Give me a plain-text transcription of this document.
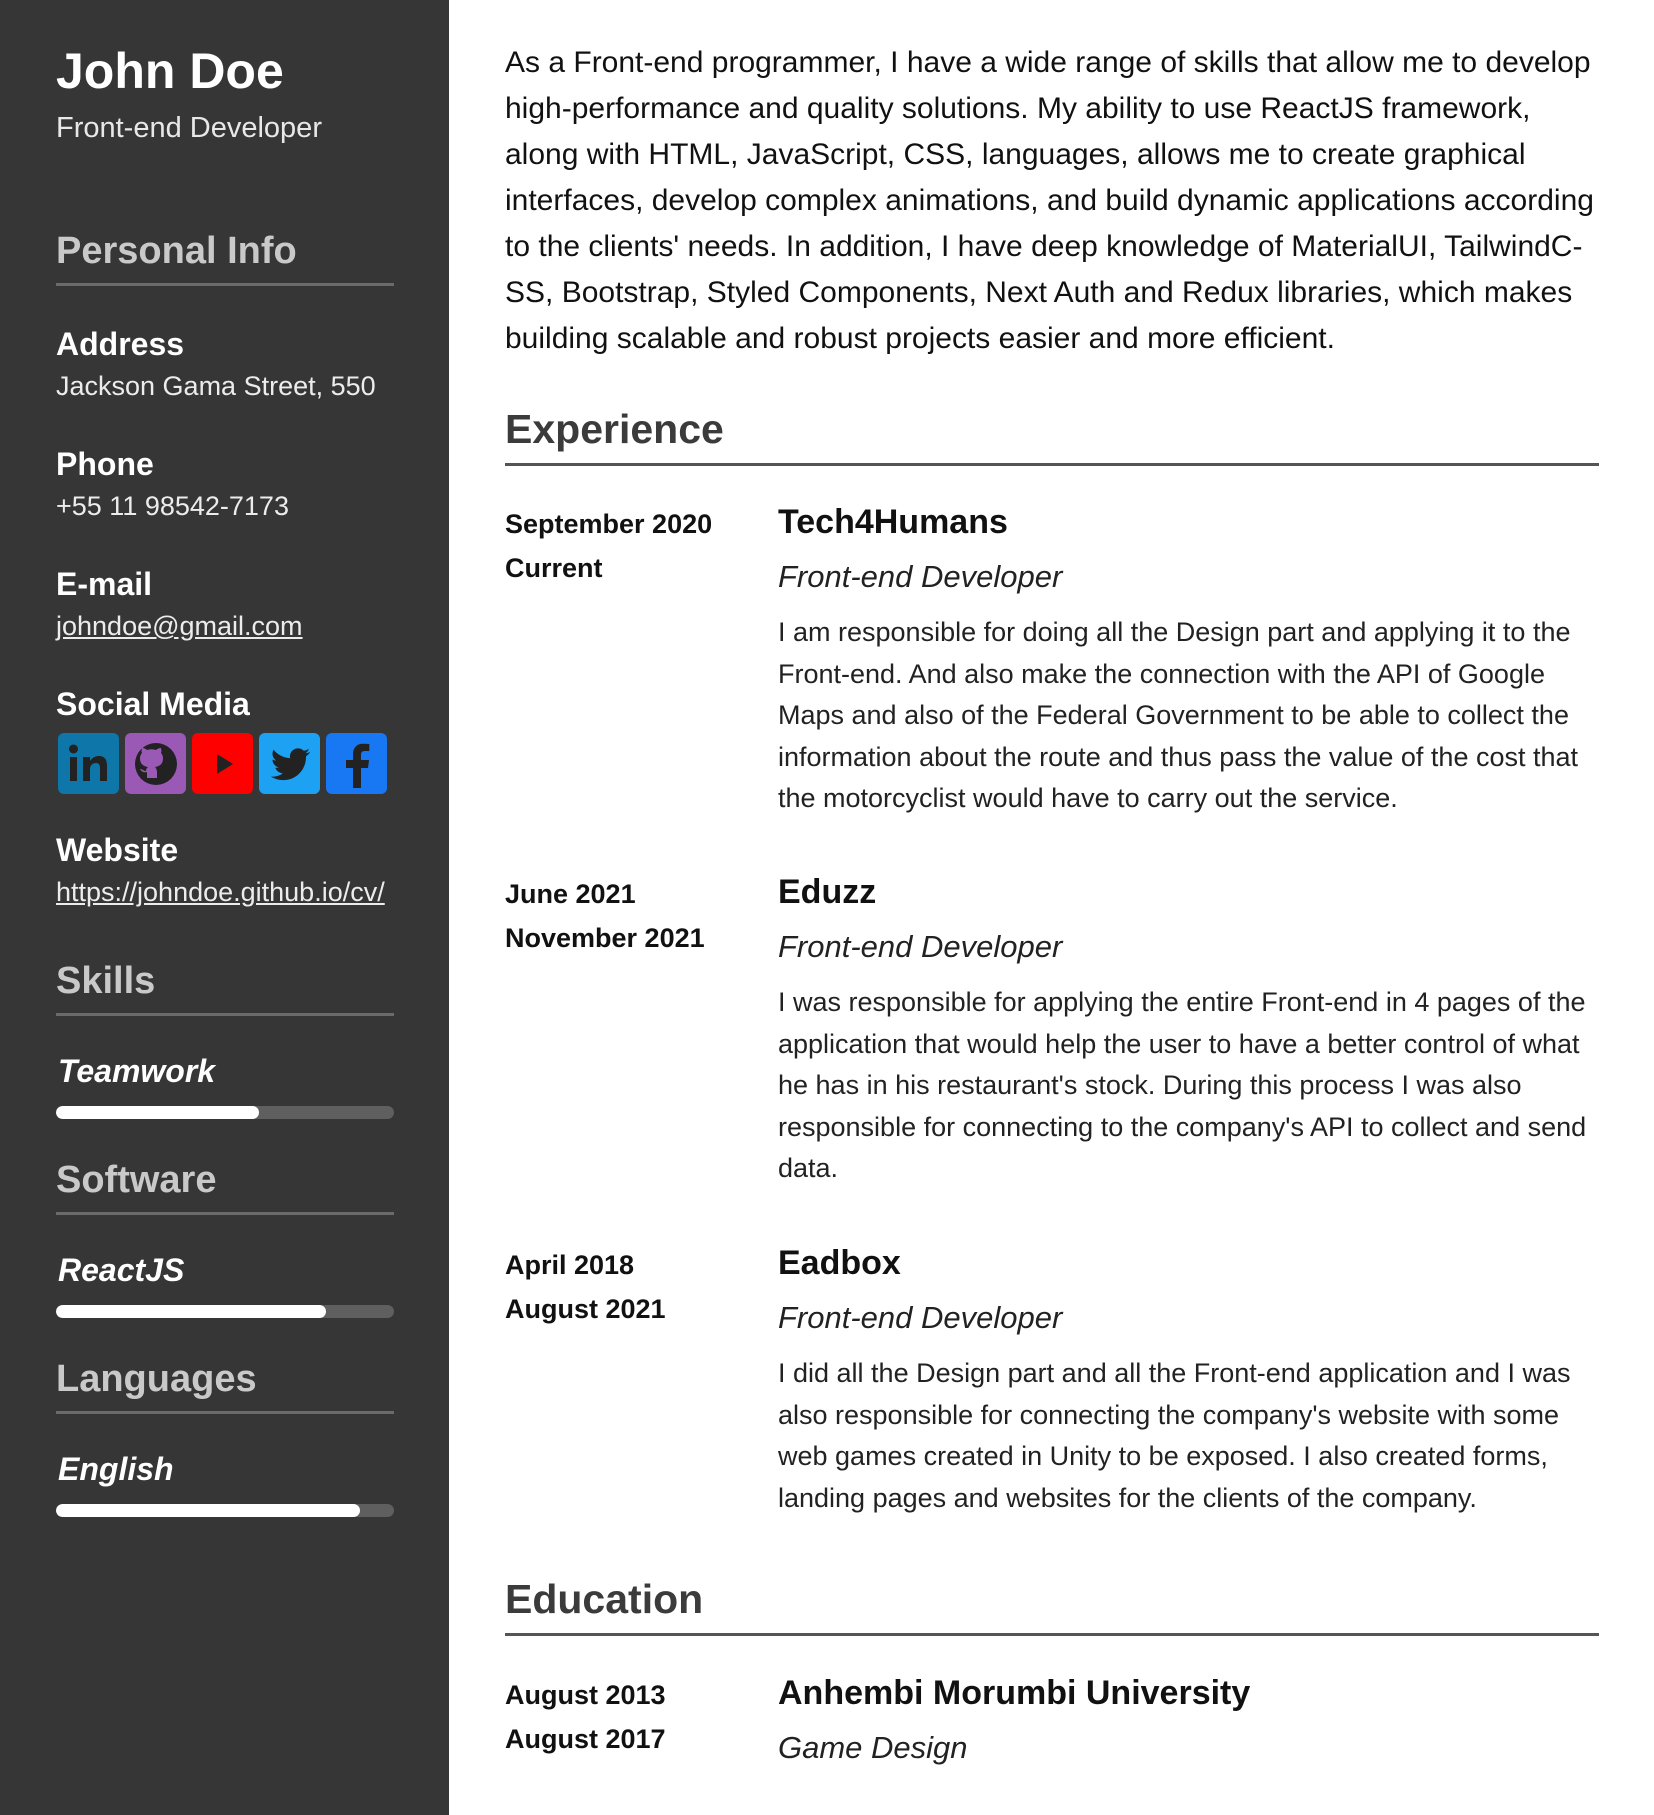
John Doe
Front-end Developer
Personal Info
Address
Jackson Gama Street, 550
Phone
+55 11 98542-7173
E-mail
johndoe@gmail.com
Social Media
Website
https://johndoe.github.io/cv/
Skills
Teamwork
Software
ReactJS
Languages
English

As a Front-end programmer, I have a wide range of skills that allow me to develop high-performance and quality solutions. My ability to use ReactJS framework, along with HTML, JavaScript, CSS, languages, allows me to create graphical interfaces, develop complex animations, and build dynamic applications according to the clients' needs. In addition, I have deep knowledge of MaterialUI, TailwindC-SS, Bootstrap, Styled Components, Next Auth and Redux libraries, which makes building scalable and robust projects easier and more efficient.

Experience
September 2020
Current
Tech4Humans
Front-end Developer
I am responsible for doing all the Design part and applying it to the Front-end. And also make the connection with the API of Google Maps and also of the Federal Government to be able to collect the information about the route and thus pass the value of the cost that the motorcyclist would have to carry out the service.
June 2021
November 2021
Eduzz
Front-end Developer
I was responsible for applying the entire Front-end in 4 pages of the application that would help the user to have a better control of what he has in his restaurant's stock. During this process I was also responsible for connecting to the company's API to collect and send data.
April 2018
August 2021
Eadbox
Front-end Developer
I did all the Design part and all the Front-end application and I was also responsible for connecting the company's website with some web games created in Unity to be exposed. I also created forms, landing pages and websites for the clients of the company.
Education
August 2013
August 2017
Anhembi Morumbi University
Game Design
